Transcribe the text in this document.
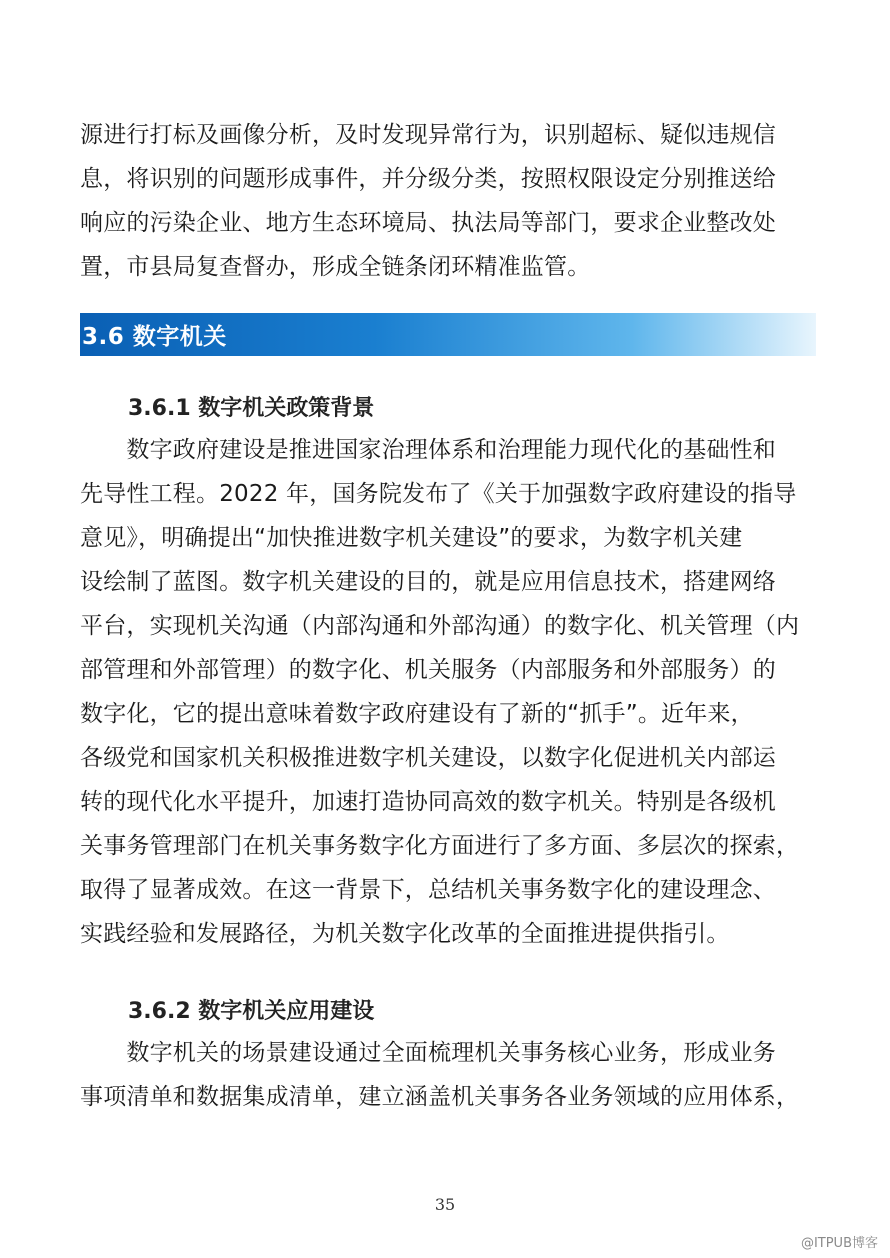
源进行打标及画像分析，及时发现异常行为，识别超标、疑似违规信
息，将识别的问题形成事件，并分级分类，按照权限设定分别推送给
响应的污染企业、地方生态环境局、执法局等部门，要求企业整改处
置，市县局复查督办，形成全链条闭环精准监管。
3.6 数字机关
3.6.1 数字机关政策背景
　　数字政府建设是推进国家治理体系和治理能力现代化的基础性和
先导性工程。2022 年，国务院发布了《关于加强数字政府建设的指导
意见》，明确提出“加快推进数字机关建设”的要求，为数字机关建
设绘制了蓝图。数字机关建设的目的，就是应用信息技术，搭建网络
平台，实现机关沟通（内部沟通和外部沟通）的数字化、机关管理（内
部管理和外部管理）的数字化、机关服务（内部服务和外部服务）的
数字化，它的提出意味着数字政府建设有了新的“抓手”。近年来，
各级党和国家机关积极推进数字机关建设，以数字化促进机关内部运
转的现代化水平提升，加速打造协同高效的数字机关。特别是各级机
关事务管理部门在机关事务数字化方面进行了多方面、多层次的探索，
取得了显著成效。在这一背景下，总结机关事务数字化的建设理念、
实践经验和发展路径，为机关数字化改革的全面推进提供指引。
3.6.2 数字机关应用建设
　　数字机关的场景建设通过全面梳理机关事务核心业务，形成业务
事项清单和数据集成清单，建立涵盖机关事务各业务领域的应用体系，
35
@ITPUB博客
